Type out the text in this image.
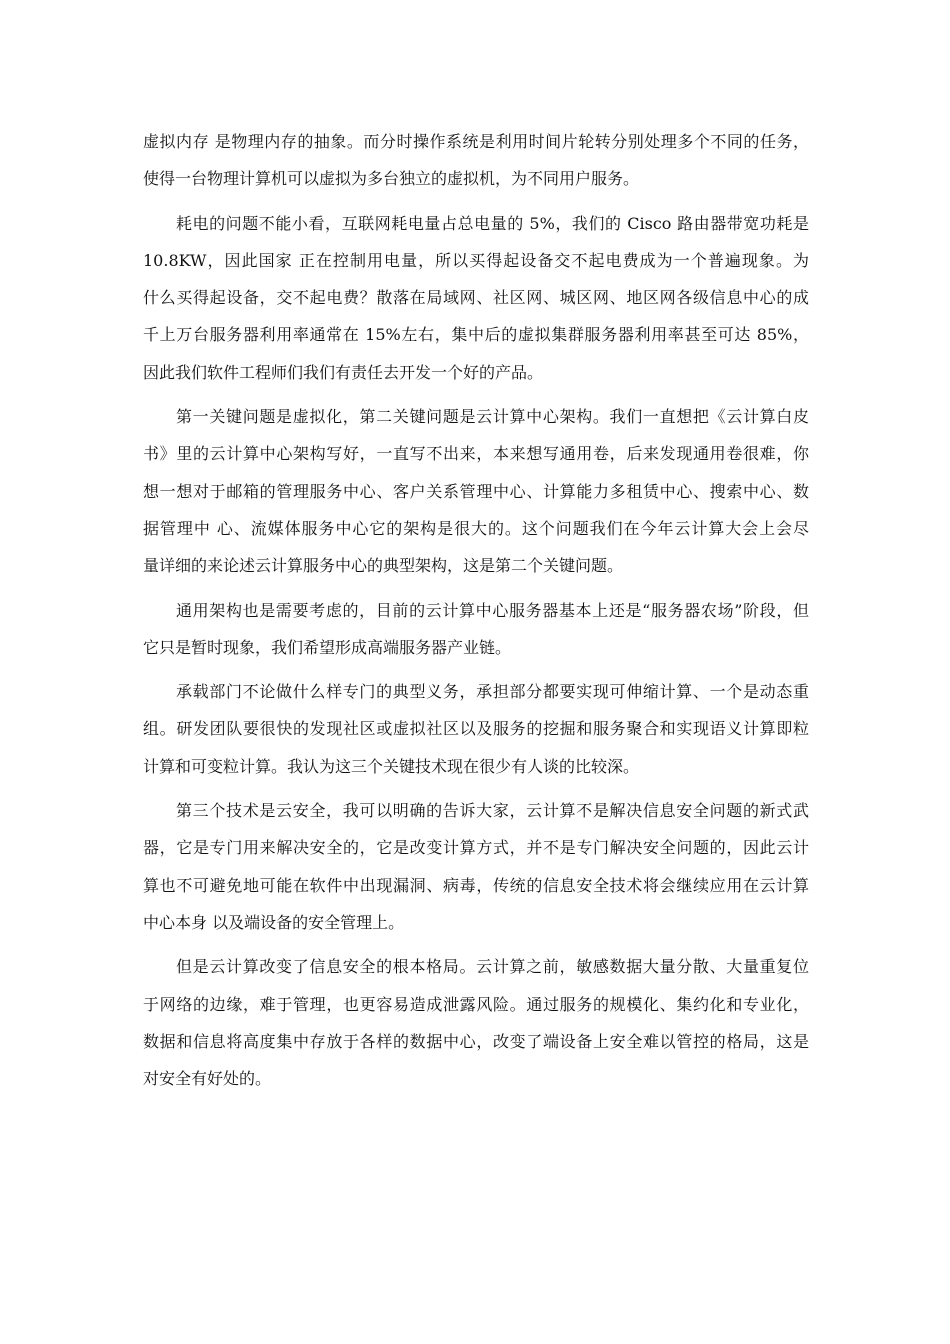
虚拟内存 是物理内存的抽象。而分时操作系统是利用时间片轮转分别处理多个不同的任务，
使得一台物理计算机可以虚拟为多台独立的虚拟机，为不同用户服务。
耗电的问题不能小看，互联网耗电量占总电量的 5%，我们的 Cisco 路由器带宽功耗是
10.8KW，因此国家 正在控制用电量，所以买得起设备交不起电费成为一个普遍现象。为
什么买得起设备，交不起电费？散落在局域网、社区网、城区网、地区网各级信息中心的成
千上万台服务器利用率通常在 15%左右，集中后的虚拟集群服务器利用率甚至可达 85%，
因此我们软件工程师们我们有责任去开发一个好的产品。
第一关键问题是虚拟化，第二关键问题是云计算中心架构。我们一直想把《云计算白皮
书》里的云计算中心架构写好，一直写不出来，本来想写通用卷，后来发现通用卷很难，你
想一想对于邮箱的管理服务中心、客户关系管理中心、计算能力多租赁中心、搜索中心、数
据管理中 心、流媒体服务中心它的架构是很大的。这个问题我们在今年云计算大会上会尽
量详细的来论述云计算服务中心的典型架构，这是第二个关键问题。
通用架构也是需要考虑的，目前的云计算中心服务器基本上还是“服务器农场”阶段，但
它只是暂时现象，我们希望形成高端服务器产业链。
承载部门不论做什么样专门的典型义务，承担部分都要实现可伸缩计算、一个是动态重
组。研发团队要很快的发现社区或虚拟社区以及服务的挖掘和服务聚合和实现语义计算即粒
计算和可变粒计算。我认为这三个关键技术现在很少有人谈的比较深。
第三个技术是云安全，我可以明确的告诉大家，云计算不是解决信息安全问题的新式武
器，它是专门用来解决安全的，它是改变计算方式，并不是专门解决安全问题的，因此云计
算也不可避免地可能在软件中出现漏洞、病毒，传统的信息安全技术将会继续应用在云计算
中心本身 以及端设备的安全管理上。
但是云计算改变了信息安全的根本格局。云计算之前，敏感数据大量分散、大量重复位
于网络的边缘，难于管理，也更容易造成泄露风险。通过服务的规模化、集约化和专业化，
数据和信息将高度集中存放于各样的数据中心，改变了端设备上安全难以管控的格局，这是
对安全有好处的。
